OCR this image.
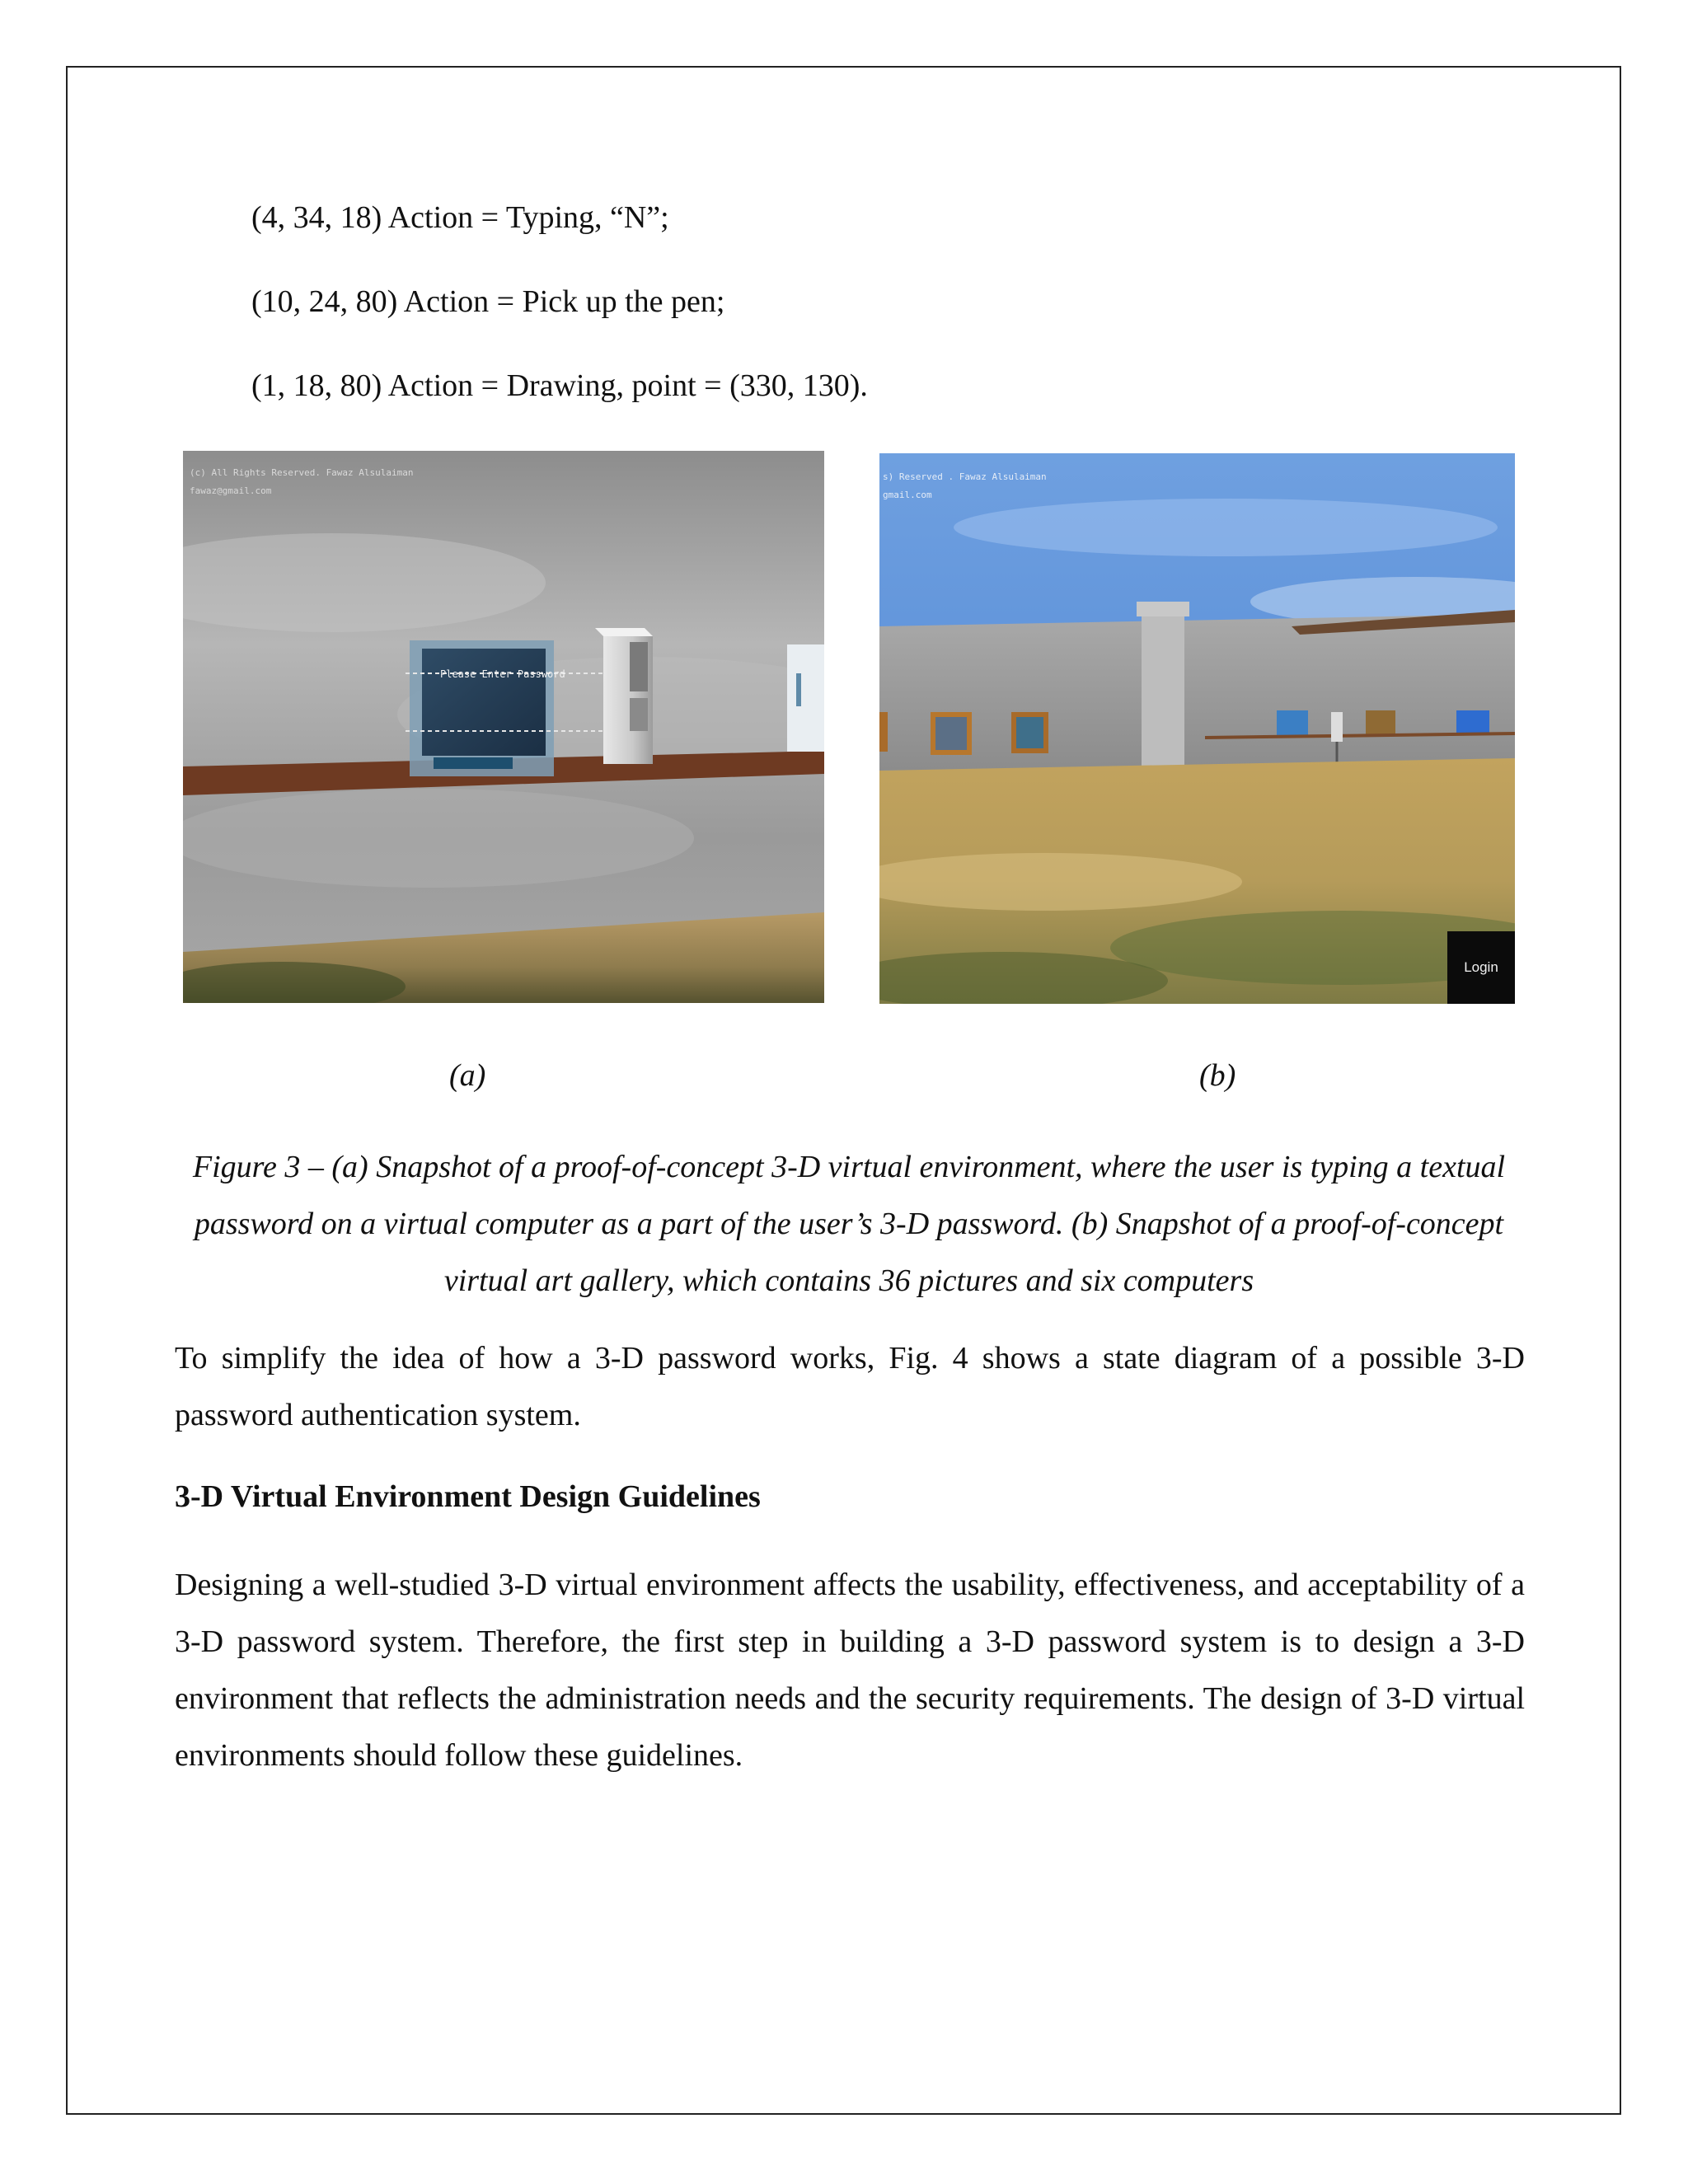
(4, 34, 18) Action = Typing, “N”;
(10, 24, 80) Action = Pick up the pen;
(1, 18, 80) Action = Drawing, point = (330, 130).
(c) All Rights Reserved. Fawaz Alsulaiman
fawaz@gmail.com
Please Enter Password
s) Reserved . Fawaz Alsulaiman
gmail.com
Login
(a)	(b)
Figure 3 – (a) Snapshot of a proof-of-concept 3-D virtual environment, where the user is typing a textual password on a virtual computer as a part of the user’s 3-D password. (b) Snapshot of a proof-of-concept virtual art gallery, which contains 36 pictures and six computers
To simplify the idea of how a 3-D password works, Fig. 4 shows a state diagram of a possible 3-D password authentication system.
3-D Virtual Environment Design Guidelines
Designing a well-studied 3-D virtual environment affects the usability, effectiveness, and acceptability of a 3-D password system. Therefore, the first step in building a 3-D password system is to design a 3-D environment that reflects the administration needs and the security requirements. The design of 3-D virtual environments should follow these guidelines.
